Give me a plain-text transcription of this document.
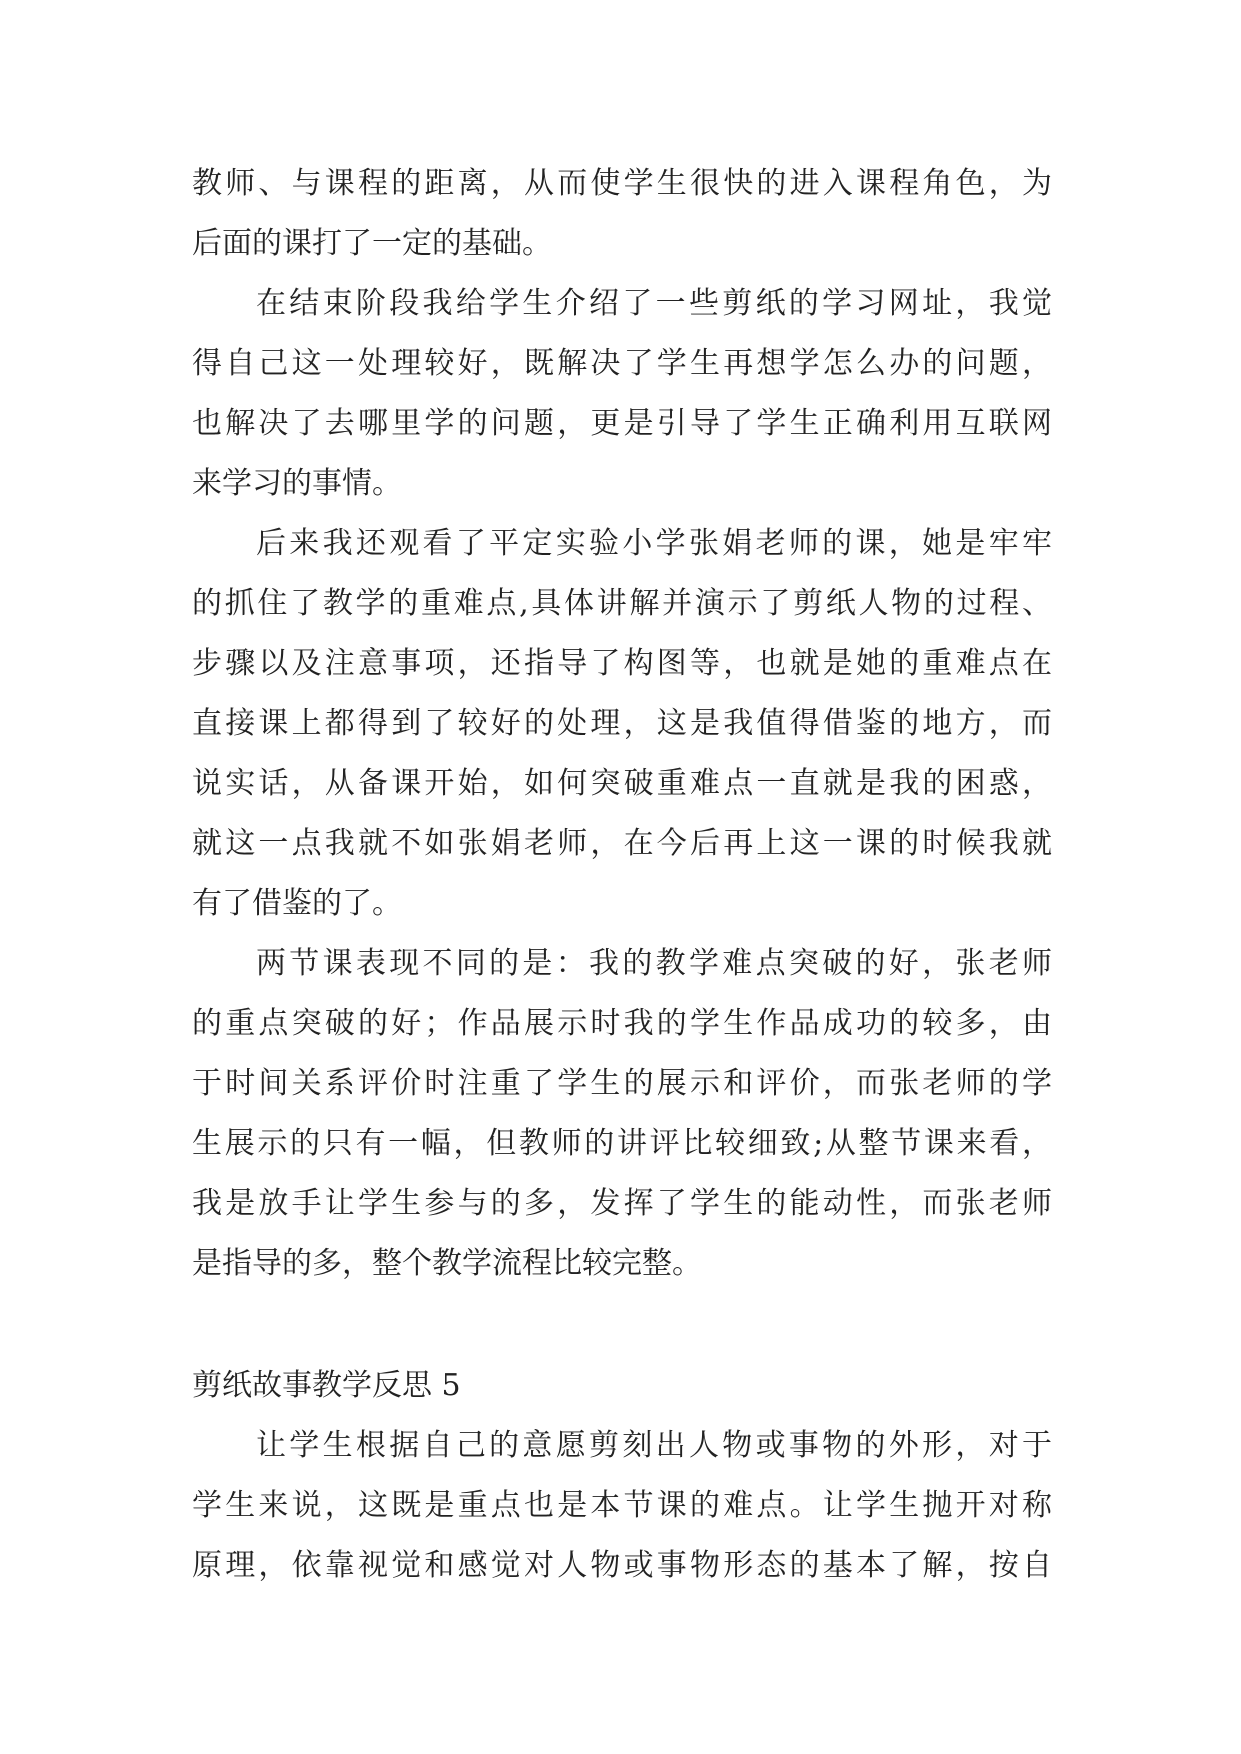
教师、与课程的距离，从而使学生很快的进入课程角色，为
后面的课打了一定的基础。
在结束阶段我给学生介绍了一些剪纸的学习网址，我觉
得自己这一处理较好，既解决了学生再想学怎么办的问题，
也解决了去哪里学的问题，更是引导了学生正确利用互联网
来学习的事情。
后来我还观看了平定实验小学张娟老师的课，她是牢牢
的抓住了教学的重难点,具体讲解并演示了剪纸人物的过程、
步骤以及注意事项，还指导了构图等，也就是她的重难点在
直接课上都得到了较好的处理，这是我值得借鉴的地方，而
说实话，从备课开始，如何突破重难点一直就是我的困惑，
就这一点我就不如张娟老师，在今后再上这一课的时候我就
有了借鉴的了。
两节课表现不同的是：我的教学难点突破的好，张老师
的重点突破的好；作品展示时我的学生作品成功的较多，由
于时间关系评价时注重了学生的展示和评价，而张老师的学
生展示的只有一幅，但教师的讲评比较细致;从整节课来看，
我是放手让学生参与的多，发挥了学生的能动性，而张老师
是指导的多，整个教学流程比较完整。
剪纸故事教学反思 5
让学生根据自己的意愿剪刻出人物或事物的外形，对于
学生来说，这既是重点也是本节课的难点。让学生抛开对称
原理，依靠视觉和感觉对人物或事物形态的基本了解，按自
